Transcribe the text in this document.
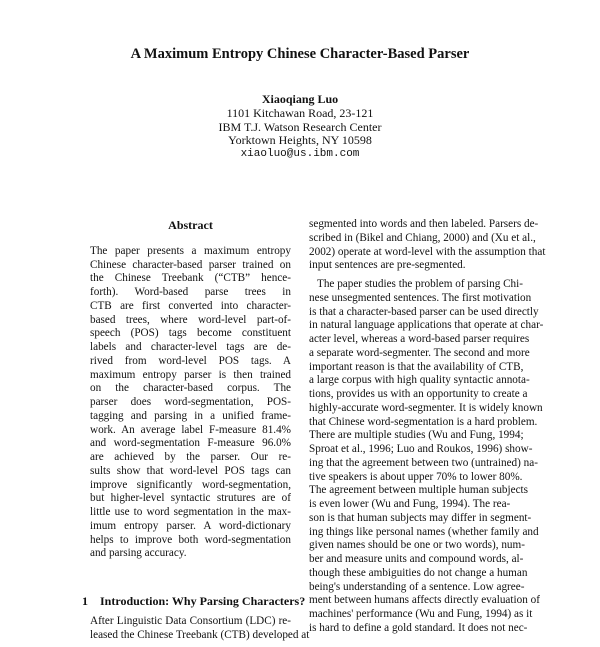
A Maximum Entropy Chinese Character-Based Parser
Xiaoqiang Luo
1101 Kitchawan Road, 23-121
IBM T.J. Watson Research Center
Yorktown Heights, NY 10598
xiaoluo@us.ibm.com
Abstract
The paper presents a maximum entropy
Chinese character-based parser trained on
the Chinese Treebank (“CTB” hence-
forth). Word-based parse trees in
CTB are first converted into character-
based trees, where word-level part-of-
speech (POS) tags become constituent
labels and character-level tags are de-
rived from word-level POS tags. A
maximum entropy parser is then trained
on the character-based corpus. The
parser does word-segmentation, POS-
tagging and parsing in a unified frame-
work. An average label F-measure 81.4%
and word-segmentation F-measure 96.0%
are achieved by the parser. Our re-
sults show that word-level POS tags can
improve significantly word-segmentation,
but higher-level syntactic strutures are of
little use to word segmentation in the max-
imum entropy parser. A word-dictionary
helps to improve both word-segmentation
and parsing accuracy.
1 Introduction: Why Parsing Characters?
After Linguistic Data Consortium (LDC) re-
leased the Chinese Treebank (CTB) developed at
segmented into words and then labeled. Parsers de-
scribed in (Bikel and Chiang, 2000) and (Xu et al.,
2002) operate at word-level with the assumption that
input sentences are pre-segmented.
The paper studies the problem of parsing Chi-
nese unsegmented sentences. The first motivation
is that a character-based parser can be used directly
in natural language applications that operate at char-
acter level, whereas a word-based parser requires
a separate word-segmenter. The second and more
important reason is that the availability of CTB,
a large corpus with high quality syntactic annota-
tions, provides us with an opportunity to create a
highly-accurate word-segmenter. It is widely known
that Chinese word-segmentation is a hard problem.
There are multiple studies (Wu and Fung, 1994;
Sproat et al., 1996; Luo and Roukos, 1996) show-
ing that the agreement between two (untrained) na-
tive speakers is about upper 70% to lower 80%.
The agreement between multiple human subjects
is even lower (Wu and Fung, 1994). The rea-
son is that human subjects may differ in segment-
ing things like personal names (whether family and
given names should be one or two words), num-
ber and measure units and compound words, al-
though these ambiguities do not change a human
being's understanding of a sentence. Low agree-
ment between humans affects directly evaluation of
machines' performance (Wu and Fung, 1994) as it
is hard to define a gold standard. It does not nec-
